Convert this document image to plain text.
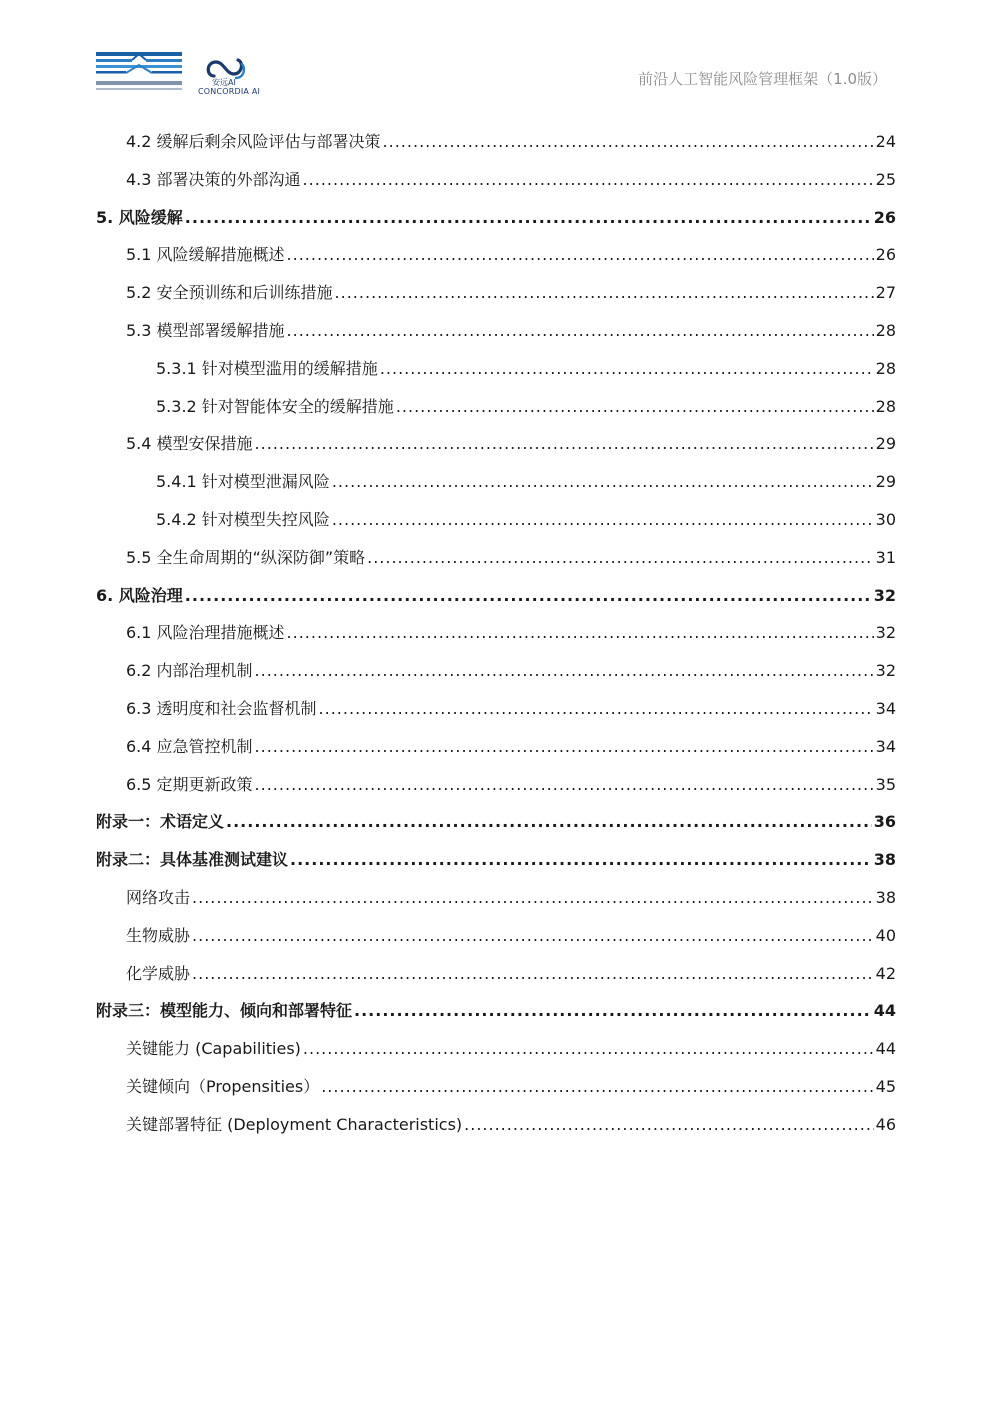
安远AI
CONCORDIA AI
前沿人工智能风险管理框架（1.0版）
4.2 缓解后剩余风险评估与部署决策 .....	24
4.3 部署决策的外部沟通 .....	25
5. 风险缓解 .....	26
5.1 风险缓解措施概述 .....	26
5.2 安全预训练和后训练措施 .....	27
5.3 模型部署缓解措施 .....	28
5.3.1 针对模型滥用的缓解措施 .....	28
5.3.2 针对智能体安全的缓解措施 .....	28
5.4 模型安保措施 .....	29
5.4.1 针对模型泄漏风险 .....	29
5.4.2 针对模型失控风险 .....	30
5.5 全生命周期的“纵深防御”策略 .....	31
6. 风险治理 .....	32
6.1 风险治理措施概述 .....	32
6.2 内部治理机制 .....	32
6.3 透明度和社会监督机制 .....	34
6.4 应急管控机制 .....	34
6.5 定期更新政策 .....	35
附录一：术语定义 .....	36
附录二：具体基准测试建议 .....	38
网络攻击 .....	38
生物威胁 .....	40
化学威胁 .....	42
附录三：模型能力、倾向和部署特征 .....	44
关键能力 (Capabilities) .....	44
关键倾向（Propensities） .....	45
关键部署特征 (Deployment Characteristics) .....	46
